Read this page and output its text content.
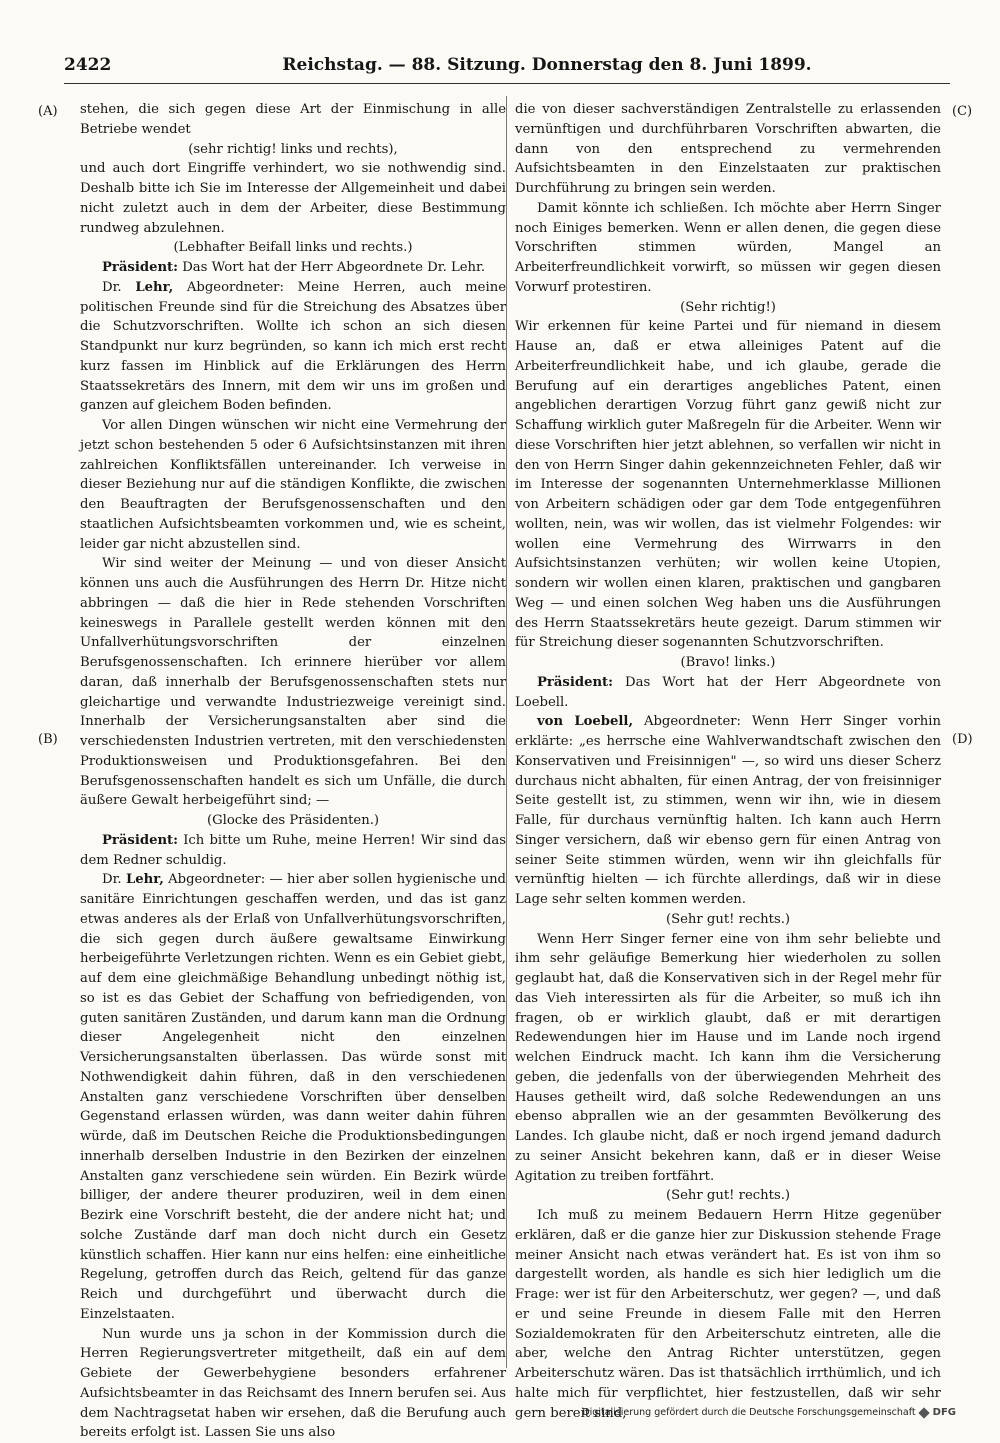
2422	Reichstag. — 88. Sitzung. Donnerstag den 8. Juni 1899.
(A)
(B)
(C)
(D)

stehen, die sich gegen diese Art der Einmischung in alle Betriebe wendet

(sehr richtig! links und rechts),

und auch dort Eingriffe verhindert, wo sie nothwendig sind. Deshalb bitte ich Sie im Interesse der Allgemeinheit und dabei nicht zuletzt auch in dem der Arbeiter, diese Bestimmung rundweg abzulehnen.

(Lebhafter Beifall links und rechts.)

Präsident: Das Wort hat der Herr Abgeordnete Dr. Lehr.

Dr. Lehr, Abgeordneter: Meine Herren, auch meine politischen Freunde sind für die Streichung des Absatzes über die Schutzvorschriften. Wollte ich schon an sich diesen Standpunkt nur kurz begründen, so kann ich mich erst recht kurz fassen im Hinblick auf die Erklärungen des Herrn Staatssekretärs des Innern, mit dem wir uns im großen und ganzen auf gleichem Boden befinden.

Vor allen Dingen wünschen wir nicht eine Vermehrung der jetzt schon bestehenden 5 oder 6 Aufsichtsinstanzen mit ihren zahlreichen Konfliktsfällen untereinander. Ich verweise in dieser Beziehung nur auf die ständigen Konflikte, die zwischen den Beauftragten der Berufsgenossenschaften und den staatlichen Aufsichtsbeamten vorkommen und, wie es scheint, leider gar nicht abzustellen sind.

Wir sind weiter der Meinung — und von dieser Ansicht können uns auch die Ausführungen des Herrn Dr. Hitze nicht abbringen — daß die hier in Rede stehenden Vorschriften keineswegs in Parallele gestellt werden können mit den Unfallverhütungsvorschriften der einzelnen Berufsgenossenschaften. Ich erinnere hierüber vor allem daran, daß innerhalb der Berufsgenossenschaften stets nur gleichartige und verwandte Industriezweige vereinigt sind. Innerhalb der Versicherungsanstalten aber sind die verschiedensten Industrien vertreten, mit den verschiedensten Produktionsweisen und Produktionsgefahren. Bei den Berufsgenossenschaften handelt es sich um Unfälle, die durch äußere Gewalt herbeigeführt sind; —

(Glocke des Präsidenten.)

Präsident: Ich bitte um Ruhe, meine Herren! Wir sind das dem Redner schuldig.

Dr. Lehr, Abgeordneter: — hier aber sollen hygienische und sanitäre Einrichtungen geschaffen werden, und das ist ganz etwas anderes als der Erlaß von Unfallverhütungsvorschriften, die sich gegen durch äußere gewaltsame Einwirkung herbeigeführte Verletzungen richten. Wenn es ein Gebiet giebt, auf dem eine gleichmäßige Behandlung unbedingt nöthig ist, so ist es das Gebiet der Schaffung von befriedigenden, von guten sanitären Zuständen, und darum kann man die Ordnung dieser Angelegenheit nicht den einzelnen Versicherungsanstalten überlassen. Das würde sonst mit Nothwendigkeit dahin führen, daß in den verschiedenen Anstalten ganz verschiedene Vorschriften über denselben Gegenstand erlassen würden, was dann weiter dahin führen würde, daß im Deutschen Reiche die Produktionsbedingungen innerhalb derselben Industrie in den Bezirken der einzelnen Anstalten ganz verschiedene sein würden. Ein Bezirk würde billiger, der andere theurer produziren, weil in dem einen Bezirk eine Vorschrift besteht, die der andere nicht hat; und solche Zustände darf man doch nicht durch ein Gesetz künstlich schaffen. Hier kann nur eins helfen: eine einheitliche Regelung, getroffen durch das Reich, geltend für das ganze Reich und durchgeführt und überwacht durch die Einzelstaaten.

Nun wurde uns ja schon in der Kommission durch die Herren Regierungsvertreter mitgetheilt, daß ein auf dem Gebiete der Gewerbehygiene besonders erfahrener Aufsichtsbeamter in das Reichsamt des Innern berufen sei. Aus dem Nachtragsetat haben wir ersehen, daß die Berufung auch bereits erfolgt ist. Lassen Sie uns also

die von dieser sachverständigen Zentralstelle zu erlassenden vernünftigen und durchführbaren Vorschriften abwarten, die dann von den entsprechend zu vermehrenden Aufsichtsbeamten in den Einzelstaaten zur praktischen Durchführung zu bringen sein werden.

Damit könnte ich schließen. Ich möchte aber Herrn Singer noch Einiges bemerken. Wenn er allen denen, die gegen diese Vorschriften stimmen würden, Mangel an Arbeiterfreundlichkeit vorwirft, so müssen wir gegen diesen Vorwurf protestiren.

(Sehr richtig!)

Wir erkennen für keine Partei und für niemand in diesem Hause an, daß er etwa alleiniges Patent auf die Arbeiterfreundlichkeit habe, und ich glaube, gerade die Berufung auf ein derartiges angebliches Patent, einen angeblichen derartigen Vorzug führt ganz gewiß nicht zur Schaffung wirklich guter Maßregeln für die Arbeiter. Wenn wir diese Vorschriften hier jetzt ablehnen, so verfallen wir nicht in den von Herrn Singer dahin gekennzeichneten Fehler, daß wir im Interesse der sogenannten Unternehmerklasse Millionen von Arbeitern schädigen oder gar dem Tode entgegenführen wollten, nein, was wir wollen, das ist vielmehr Folgendes: wir wollen eine Vermehrung des Wirrwarrs in den Aufsichtsinstanzen verhüten; wir wollen keine Utopien, sondern wir wollen einen klaren, praktischen und gangbaren Weg — und einen solchen Weg haben uns die Ausführungen des Herrn Staatssekretärs heute gezeigt. Darum stimmen wir für Streichung dieser sogenannten Schutzvorschriften.

(Bravo! links.)

Präsident: Das Wort hat der Herr Abgeordnete von Loebell.

von Loebell, Abgeordneter: Wenn Herr Singer vorhin erklärte: „es herrsche eine Wahlverwandtschaft zwischen den Konservativen und Freisinnigen" —, so wird uns dieser Scherz durchaus nicht abhalten, für einen Antrag, der von freisinniger Seite gestellt ist, zu stimmen, wenn wir ihn, wie in diesem Falle, für durchaus vernünftig halten. Ich kann auch Herrn Singer versichern, daß wir ebenso gern für einen Antrag von seiner Seite stimmen würden, wenn wir ihn gleichfalls für vernünftig hielten — ich fürchte allerdings, daß wir in diese Lage sehr selten kommen werden.

(Sehr gut! rechts.)

Wenn Herr Singer ferner eine von ihm sehr beliebte und ihm sehr geläufige Bemerkung hier wiederholen zu sollen geglaubt hat, daß die Konservativen sich in der Regel mehr für das Vieh interessirten als für die Arbeiter, so muß ich ihn fragen, ob er wirklich glaubt, daß er mit derartigen Redewendungen hier im Hause und im Lande noch irgend welchen Eindruck macht. Ich kann ihm die Versicherung geben, die jedenfalls von der überwiegenden Mehrheit des Hauses getheilt wird, daß solche Redewendungen an uns ebenso abprallen wie an der gesammten Bevölkerung des Landes. Ich glaube nicht, daß er noch irgend jemand dadurch zu seiner Ansicht bekehren kann, daß er in dieser Weise Agitation zu treiben fortfährt.

(Sehr gut! rechts.)

Ich muß zu meinem Bedauern Herrn Hitze gegenüber erklären, daß er die ganze hier zur Diskussion stehende Frage meiner Ansicht nach etwas verändert hat. Es ist von ihm so dargestellt worden, als handle es sich hier lediglich um die Frage: wer ist für den Arbeiterschutz, wer gegen? —, und daß er und seine Freunde in diesem Falle mit den Herren Sozialdemokraten für den Arbeiterschutz eintreten, alle die aber, welche den Antrag Richter unterstützen, gegen Arbeiterschutz wären. Das ist thatsächlich irrthümlich, und ich halte mich für verpflichtet, hier festzustellen, daß wir sehr gern bereit sind,

Digitalisierung gefördert durch die Deutsche Forschungsgemeinschaft DFG
